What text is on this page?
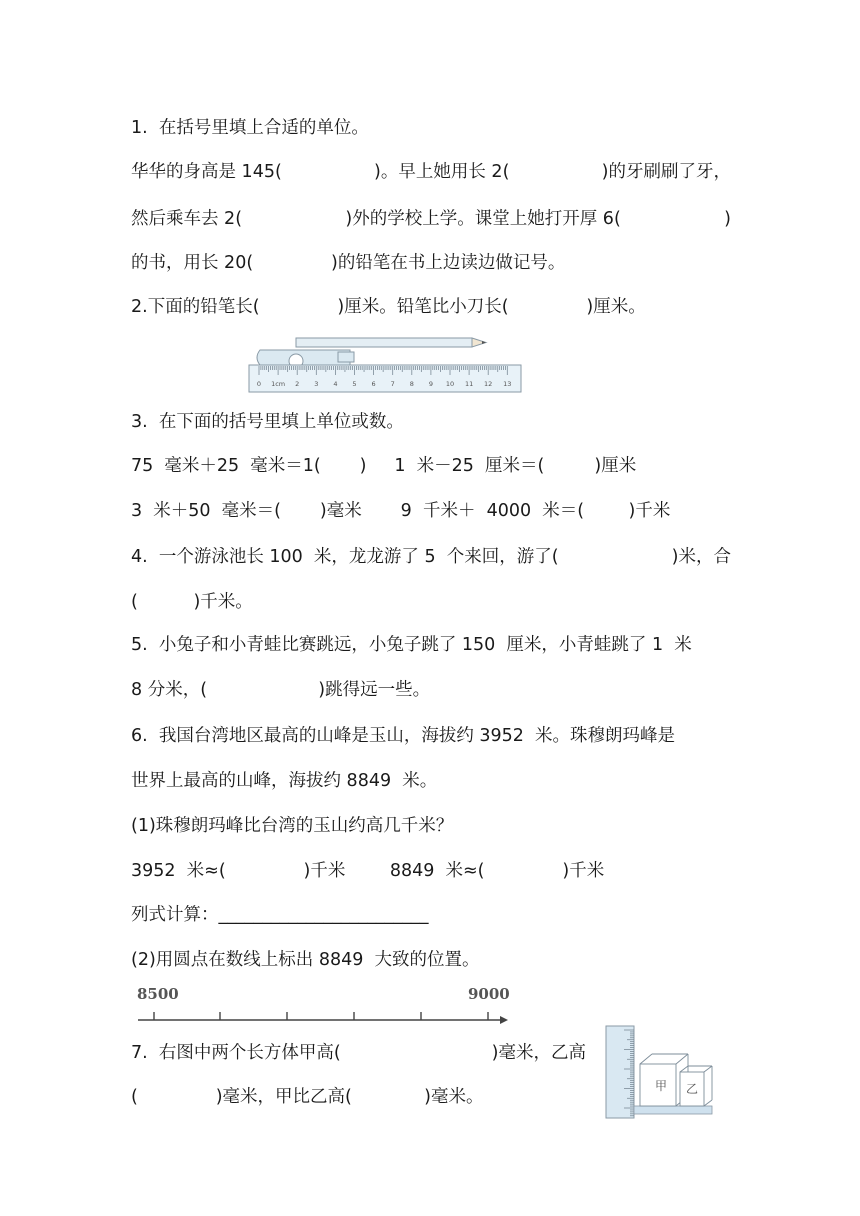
1.  在括号里填上合适的单位。
华华的身高是 145(	)。早上她用长 2(	)的牙刷刷了牙，
然后乘车去 2(	)外的学校上学。课堂上她打开厚 6(	)
的书，用长 20(              )的铅笔在书上边读边做记号。
2.下面的铅笔长(              )厘米。铅笔比小刀长(              )厘米。
0 1cm 2 3 4 5 6 7 8 9 10 11 12 13
3.  在下面的括号里填上单位或数。
75  毫米＋25  毫米＝1(       )     1  米－25  厘米＝(         )厘米
3  米＋50  毫米＝(       )毫米       9  千米＋  4000  米＝(        )千米
4.  一个游泳池长 100  米，龙龙游了 5  个来回，游了(	)米，合
(          )千米。
5.  小兔子和小青蛙比赛跳远，小兔子跳了 150  厘米，小青蛙跳了 1  米
8 分米，(                    )跳得远一些。
6.  我国台湾地区最高的山峰是玉山，海拔约 3952  米。珠穆朗玛峰是
世界上最高的山峰，海拔约 8849  米。
(1)珠穆朗玛峰比台湾的玉山约高几千米？
3952  米≈(              )千米        8849  米≈(              )千米
列式计算：________________________
(2)用圆点在数线上标出 8849  大致的位置。
8500	9000
7.  右图中两个长方体甲高(	)毫米，乙高
(              )毫米，甲比乙高(             )毫米。
甲 乙
